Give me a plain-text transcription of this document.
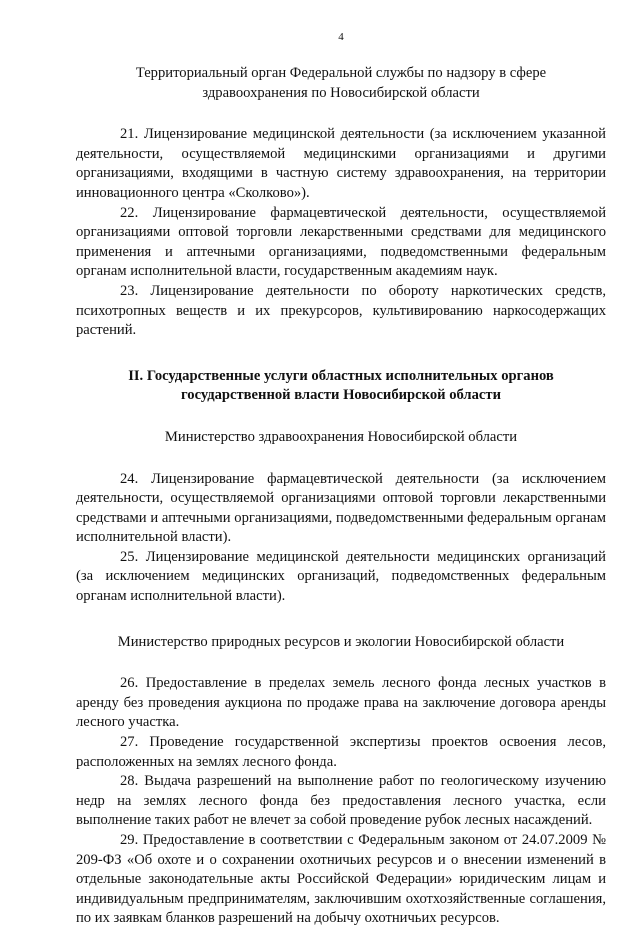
4
Территориальный орган Федеральной службы по надзору в сфере
здравоохранения по Новосибирской области

21. Лицензирование медицинской деятельности (за исключением указанной деятельности, осуществляемой медицинскими организациями и другими организациями, входящими в частную систему здравоохранения, на территории инновационного центра «Сколково»).

22. Лицензирование фармацевтической деятельности, осуществляемой организациями оптовой торговли лекарственными средствами для медицинского применения и аптечными организациями, подведомственными федеральным органам исполнительной власти, государственным академиям наук.

23. Лицензирование деятельности по обороту наркотических средств, психотропных веществ и их прекурсоров, культивированию наркосодержащих растений.

II. Государственные услуги областных исполнительных органов
государственной власти Новосибирской области
Министерство здравоохранения Новосибирской области

24. Лицензирование фармацевтической деятельности (за исключением деятельности, осуществляемой организациями оптовой торговли лекарственными средствами и аптечными организациями, подведомственными федеральным органам исполнительной власти).

25. Лицензирование медицинской деятельности медицинских организаций (за исключением медицинских организаций, подведомственных федеральным органам исполнительной власти).

Министерство природных ресурсов и экологии Новосибирской области

26. Предоставление в пределах земель лесного фонда лесных участков в аренду без проведения аукциона по продаже права на заключение договора аренды лесного участка.

27. Проведение государственной экспертизы проектов освоения лесов, расположенных на землях лесного фонда.

28. Выдача разрешений на выполнение работ по геологическому изучению недр на землях лесного фонда без предоставления лесного участка, если выполнение таких работ не влечет за собой проведение рубок лесных насаждений.

29. Предоставление в соответствии с Федеральным законом от 24.07.2009 № 209-ФЗ «Об охоте и о сохранении охотничьих ресурсов и о внесении изменений в отдельные законодательные акты Российской Федерации» юридическим лицам и индивидуальным предпринимателям, заключившим охотхозяйственные соглашения, по их заявкам бланков разрешений на добычу охотничьих ресурсов.
